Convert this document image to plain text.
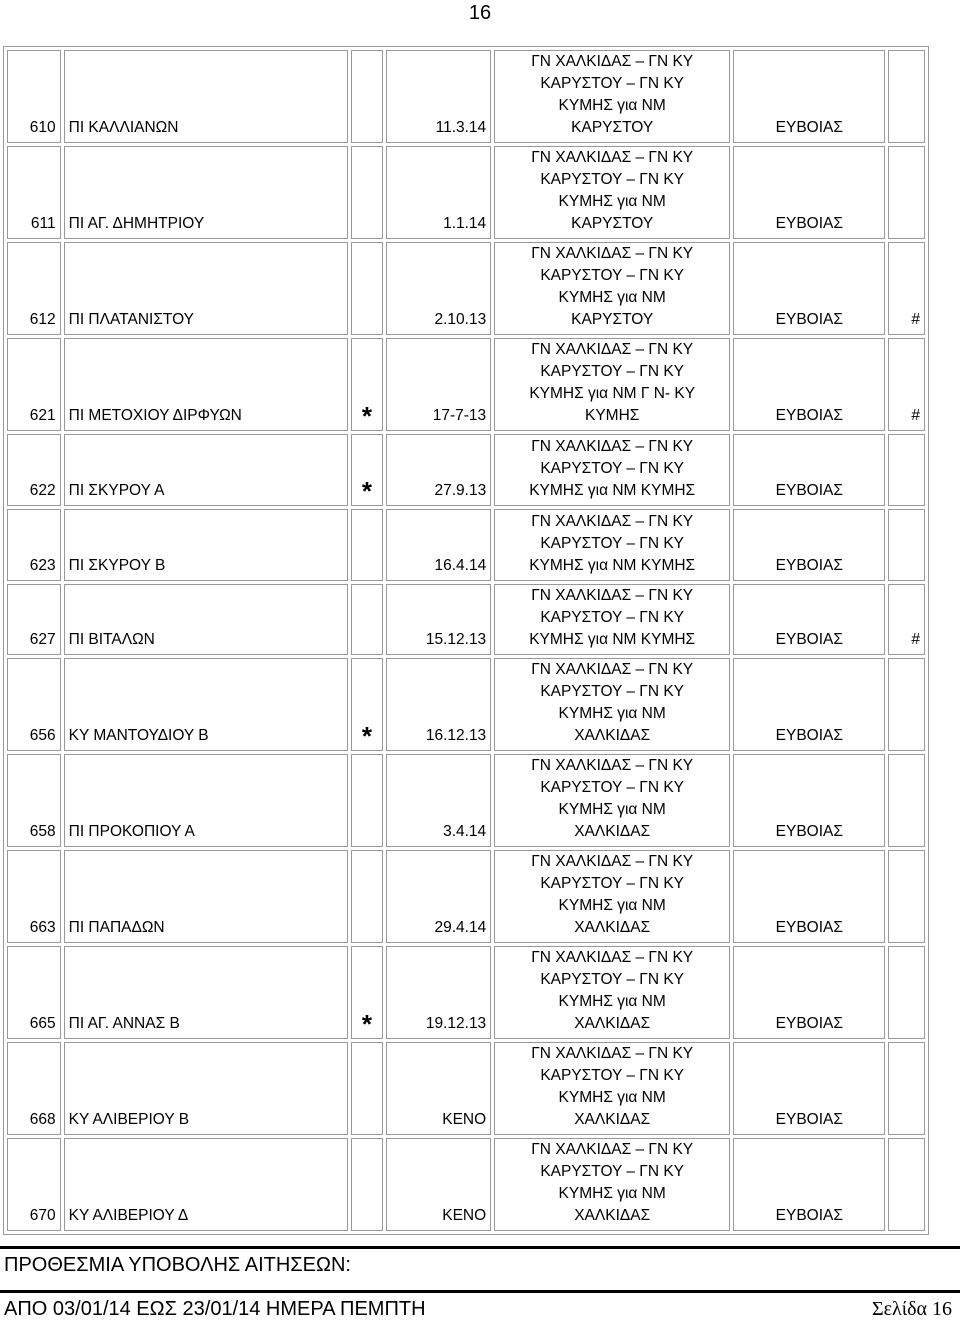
16
610	ΠΙ ΚΑΛΛΙΑΝΩΝ		11.3.14	ΓΝ ΧΑΛΚΙΔΑΣ – ΓΝ ΚΥ
ΚΑΡΥΣΤΟΥ – ΓΝ ΚΥ
ΚΥΜΗΣ για ΝΜ
ΚΑΡΥΣΤΟΥ	ΕΥΒΟΙΑΣ	
611	ΠΙ ΑΓ. ΔΗΜΗΤΡΙΟΥ		1.1.14	ΓΝ ΧΑΛΚΙΔΑΣ – ΓΝ ΚΥ
ΚΑΡΥΣΤΟΥ – ΓΝ ΚΥ
ΚΥΜΗΣ για ΝΜ
ΚΑΡΥΣΤΟΥ	ΕΥΒΟΙΑΣ	
612	ΠΙ ΠΛΑΤΑΝΙΣΤΟΥ		2.10.13	ΓΝ ΧΑΛΚΙΔΑΣ – ΓΝ ΚΥ
ΚΑΡΥΣΤΟΥ – ΓΝ ΚΥ
ΚΥΜΗΣ για ΝΜ
ΚΑΡΥΣΤΟΥ	ΕΥΒΟΙΑΣ	#
621	ΠΙ ΜΕΤΟΧΙΟΥ ΔΙΡΦΥΩΝ	*	17-7-13	ΓΝ ΧΑΛΚΙΔΑΣ – ΓΝ ΚΥ
ΚΑΡΥΣΤΟΥ – ΓΝ ΚΥ
ΚΥΜΗΣ για ΝΜ Γ Ν- ΚΥ
ΚΥΜΗΣ	ΕΥΒΟΙΑΣ	#
622	ΠΙ ΣΚΥΡΟΥ Α	*	27.9.13	ΓΝ ΧΑΛΚΙΔΑΣ – ΓΝ ΚΥ
ΚΑΡΥΣΤΟΥ – ΓΝ ΚΥ
ΚΥΜΗΣ για ΝΜ ΚΥΜΗΣ	ΕΥΒΟΙΑΣ	
623	ΠΙ ΣΚΥΡΟΥ Β		16.4.14	ΓΝ ΧΑΛΚΙΔΑΣ – ΓΝ ΚΥ
ΚΑΡΥΣΤΟΥ – ΓΝ ΚΥ
ΚΥΜΗΣ για ΝΜ ΚΥΜΗΣ	ΕΥΒΟΙΑΣ	
627	ΠΙ ΒΙΤΑΛΩΝ		15.12.13	ΓΝ ΧΑΛΚΙΔΑΣ – ΓΝ ΚΥ
ΚΑΡΥΣΤΟΥ – ΓΝ ΚΥ
ΚΥΜΗΣ για ΝΜ ΚΥΜΗΣ	ΕΥΒΟΙΑΣ	#
656	ΚΥ ΜΑΝΤΟΥΔΙΟΥ Β	*	16.12.13	ΓΝ ΧΑΛΚΙΔΑΣ – ΓΝ ΚΥ
ΚΑΡΥΣΤΟΥ – ΓΝ ΚΥ
ΚΥΜΗΣ για ΝΜ
ΧΑΛΚΙΔΑΣ	ΕΥΒΟΙΑΣ	
658	ΠΙ ΠΡΟΚΟΠΙΟΥ Α		3.4.14	ΓΝ ΧΑΛΚΙΔΑΣ – ΓΝ ΚΥ
ΚΑΡΥΣΤΟΥ – ΓΝ ΚΥ
ΚΥΜΗΣ για ΝΜ
ΧΑΛΚΙΔΑΣ	ΕΥΒΟΙΑΣ	
663	ΠΙ ΠΑΠΑΔΩΝ		29.4.14	ΓΝ ΧΑΛΚΙΔΑΣ – ΓΝ ΚΥ
ΚΑΡΥΣΤΟΥ – ΓΝ ΚΥ
ΚΥΜΗΣ για ΝΜ
ΧΑΛΚΙΔΑΣ	ΕΥΒΟΙΑΣ	
665	ΠΙ ΑΓ. ΑΝΝΑΣ Β	*	19.12.13	ΓΝ ΧΑΛΚΙΔΑΣ – ΓΝ ΚΥ
ΚΑΡΥΣΤΟΥ – ΓΝ ΚΥ
ΚΥΜΗΣ για ΝΜ
ΧΑΛΚΙΔΑΣ	ΕΥΒΟΙΑΣ	
668	ΚΥ ΑΛΙΒΕΡΙΟΥ Β		ΚΕΝΟ	ΓΝ ΧΑΛΚΙΔΑΣ – ΓΝ ΚΥ
ΚΑΡΥΣΤΟΥ – ΓΝ ΚΥ
ΚΥΜΗΣ για ΝΜ
ΧΑΛΚΙΔΑΣ	ΕΥΒΟΙΑΣ	
670	ΚΥ ΑΛΙΒΕΡΙΟΥ Δ		ΚΕΝΟ	ΓΝ ΧΑΛΚΙΔΑΣ – ΓΝ ΚΥ
ΚΑΡΥΣΤΟΥ – ΓΝ ΚΥ
ΚΥΜΗΣ για ΝΜ
ΧΑΛΚΙΔΑΣ	ΕΥΒΟΙΑΣ	
ΠΡΟΘΕΣΜΙΑ ΥΠΟΒΟΛΗΣ ΑΙΤΗΣΕΩΝ:
ΑΠΟ 03/01/14 ΕΩΣ 23/01/14 ΗΜΕΡΑ ΠΕΜΠΤΗ	Σελίδα 16
